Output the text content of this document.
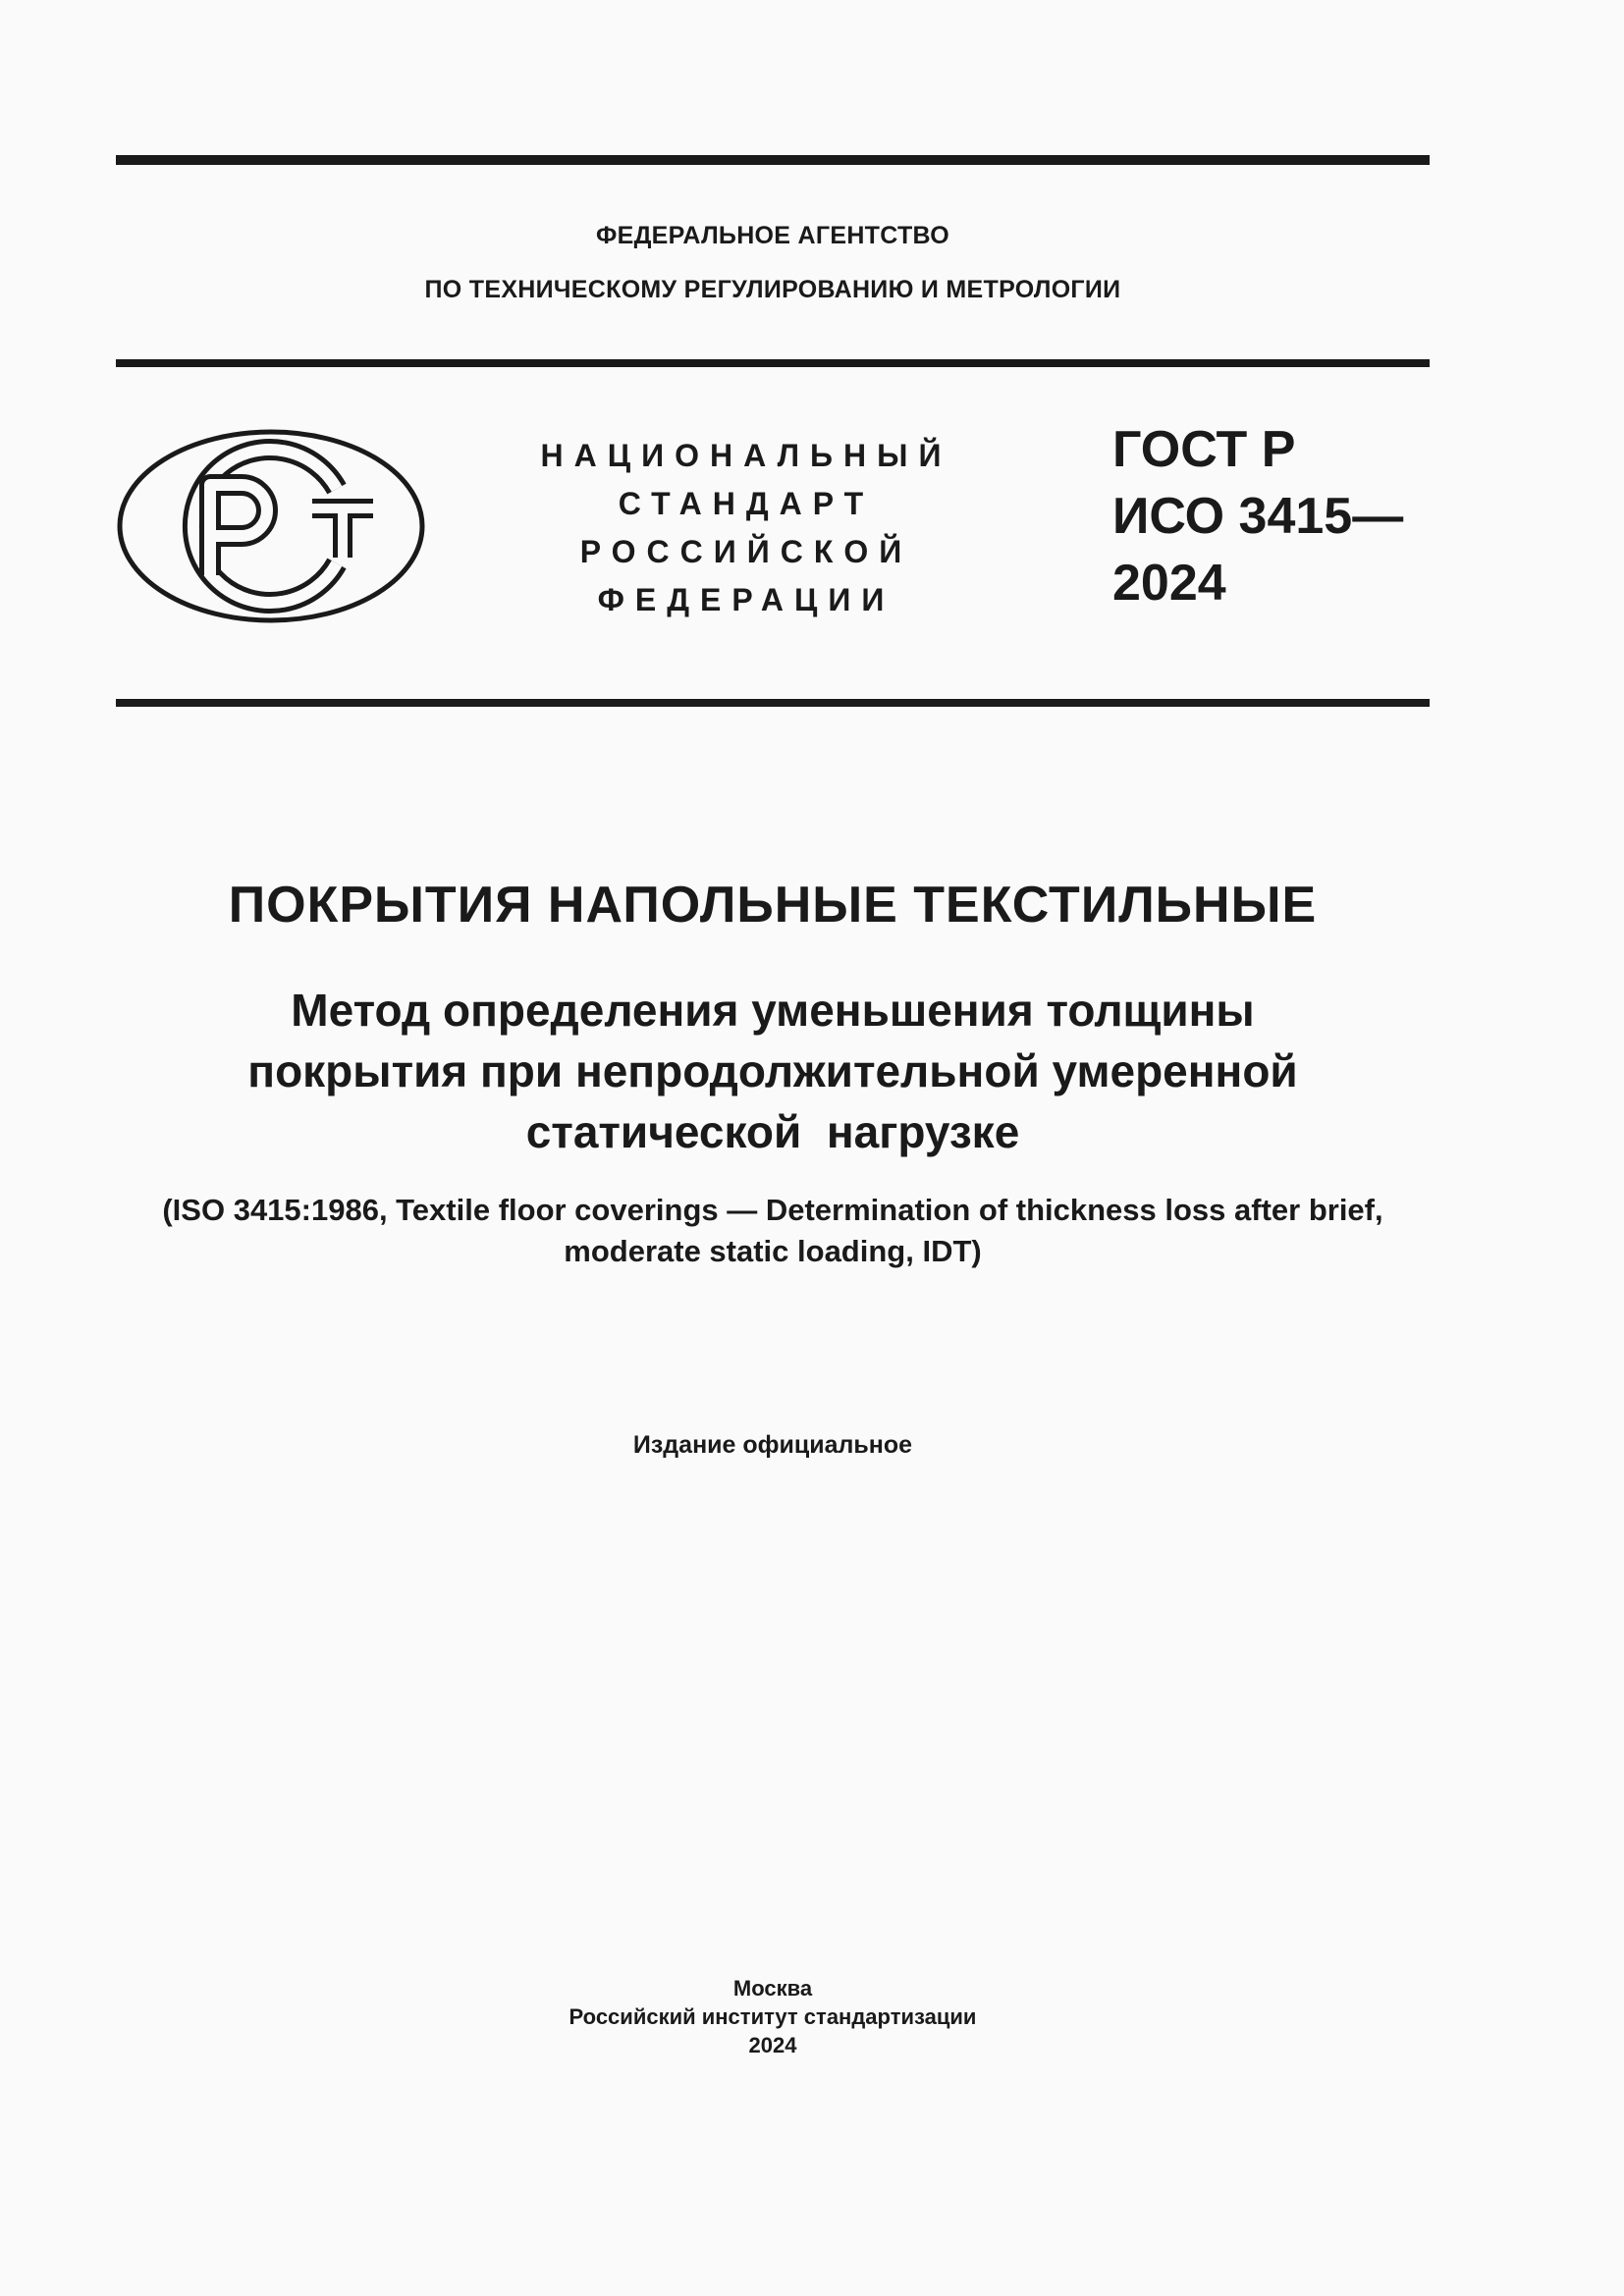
ФЕДЕРАЛЬНОЕ АГЕНТСТВО
ПО ТЕХНИЧЕСКОМУ РЕГУЛИРОВАНИЮ И МЕТРОЛОГИИ
НАЦИОНАЛЬНЫЙ
СТАНДАРТ
РОССИЙСКОЙ
ФЕДЕРАЦИИ
ГОСТ Р
ИСО 3415—
2024
ПОКРЫТИЯ НАПОЛЬНЫЕ ТЕКСТИЛЬНЫЕ
Метод определения уменьшения толщины
покрытия при непродолжительной умеренной
статической  нагрузке
(ISO 3415:1986, Textile floor coverings — Determination of thickness loss after brief,
moderate static loading, IDT)
Издание официальное
Москва
Российский институт стандартизации
2024
